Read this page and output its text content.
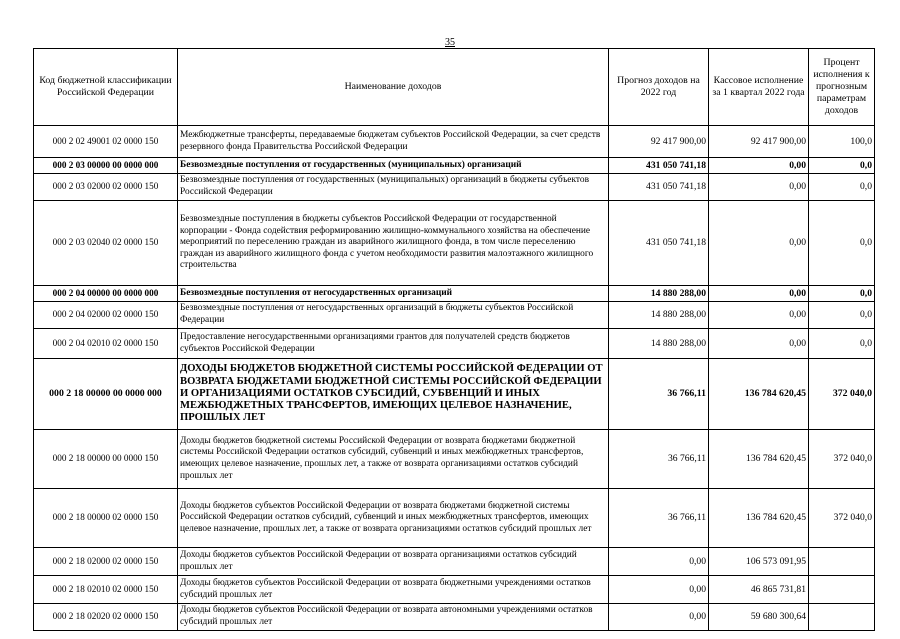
35
Код бюджетной классификации Российской Федерации	Наименование доходов	Прогноз доходов на 2022 год	Кассовое исполнение за 1 квартал 2022 года	Процент исполнения к прогнозным параметрам доходов
000 2 02 49001 02 0000 150	Межбюджетные трансферты, передаваемые бюджетам субъектов Российской Федерации, за счет средств резервного фонда Правительства Российской Федерации	92 417 900,00	92 417 900,00	100,0
000 2 03 00000 00 0000 000	Безвозмездные поступления от государственных (муниципальных) организаций	431 050 741,18	0,00	0,0
000 2 03 02000 02 0000 150	Безвозмездные поступления от государственных (муниципальных) организаций в бюджеты субъектов Российской Федерации	431 050 741,18	0,00	0,0
000 2 03 02040 02 0000 150	Безвозмездные поступления в бюджеты субъектов Российской Федерации от государственной корпорации - Фонда содействия реформированию жилищно-коммунального хозяйства на обеспечение мероприятий по переселению граждан из аварийного жилищного фонда, в том числе переселению граждан из аварийного жилищного фонда с учетом необходимости развития малоэтажного жилищного строительства	431 050 741,18	0,00	0,0
000 2 04 00000 00 0000 000	Безвозмездные поступления от негосударственных организаций	14 880 288,00	0,00	0,0
000 2 04 02000 02 0000 150	Безвозмездные поступления от негосударственных организаций в бюджеты субъектов Российской Федерации	14 880 288,00	0,00	0,0
000 2 04 02010 02 0000 150	Предоставление негосударственными организациями грантов для получателей средств бюджетов субъектов Российской Федерации	14 880 288,00	0,00	0,0
000 2 18 00000 00 0000 000	ДОХОДЫ БЮДЖЕТОВ БЮДЖЕТНОЙ СИСТЕМЫ РОССИЙСКОЙ ФЕДЕРАЦИИ ОТ ВОЗВРАТА БЮДЖЕТАМИ БЮДЖЕТНОЙ СИСТЕМЫ РОССИЙСКОЙ ФЕДЕРАЦИИ И ОРГАНИЗАЦИЯМИ ОСТАТКОВ СУБСИДИЙ, СУБВЕНЦИЙ И ИНЫХ МЕЖБЮДЖЕТНЫХ ТРАНСФЕРТОВ, ИМЕЮЩИХ ЦЕЛЕВОЕ НАЗНАЧЕНИЕ, ПРОШЛЫХ ЛЕТ	36 766,11	136 784 620,45	372 040,0
000 2 18 00000 00 0000 150	Доходы бюджетов бюджетной системы Российской Федерации от возврата бюджетами бюджетной системы Российской Федерации остатков субсидий, субвенций и иных межбюджетных трансфертов, имеющих целевое назначение, прошлых лет, а также от возврата организациями остатков субсидий прошлых лет	36 766,11	136 784 620,45	372 040,0
000 2 18 00000 02 0000 150	Доходы бюджетов субъектов Российской Федерации от возврата бюджетами бюджетной системы Российской Федерации остатков субсидий, субвенций и иных межбюджетных трансфертов, имеющих целевое назначение, прошлых лет, а также от возврата организациями остатков субсидий прошлых лет	36 766,11	136 784 620,45	372 040,0
000 2 18 02000 02 0000 150	Доходы бюджетов субъектов Российской Федерации от возврата организациями остатков субсидий прошлых лет	0,00	106 573 091,95	
000 2 18 02010 02 0000 150	Доходы бюджетов субъектов Российской Федерации от возврата бюджетными учреждениями остатков субсидий прошлых лет	0,00	46 865 731,81	
000 2 18 02020 02 0000 150	Доходы бюджетов субъектов Российской Федерации от возврата автономными учреждениями остатков субсидий прошлых лет	0,00	59 680 300,64	
